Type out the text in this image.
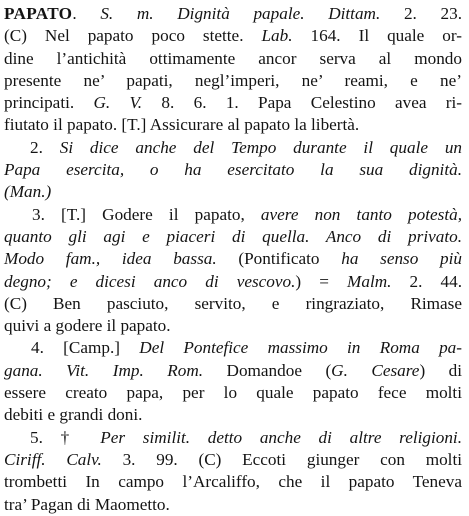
PAPATO. S. m. Dignità papale. Dittam. 2. 23.
(C) Nel papato poco stette. Lab. 164. Il quale or-
dine l’antichità ottimamente ancor serva al mondo
presente ne’ papati, negl’imperi, ne’ reami, e ne’
principati. G. V. 8. 6. 1. Papa Celestino avea ri-
fiutato il papato. [T.] Assicurare al papato la libertà.
2. Si dice anche del Tempo durante il quale un
Papa esercita, o ha esercitato la sua dignità.
(Man.)
3. [T.] Godere il papato, avere non tanto potestà,
quanto gli agi e piaceri di quella. Anco di privato.
Modo fam., idea bassa. (Pontificato ha senso più
degno; e dicesi anco di vescovo.) = Malm. 2. 44.
(C) Ben pasciuto, servito, e ringraziato, Rimase
quivi a godere il papato.
4. [Camp.] Del Pontefice massimo in Roma pa-
gana. Vit. Imp. Rom. Domandoe (G. Cesare) di
essere creato papa, per lo quale papato fece molti
debiti e grandi doni.
5. † Per similit. detto anche di altre religioni.
Ciriff. Calv. 3. 99. (C) Eccoti giunger con molti
trombetti In campo l’Arcaliffo, che il papato Teneva
tra’ Pagan di Maometto.
